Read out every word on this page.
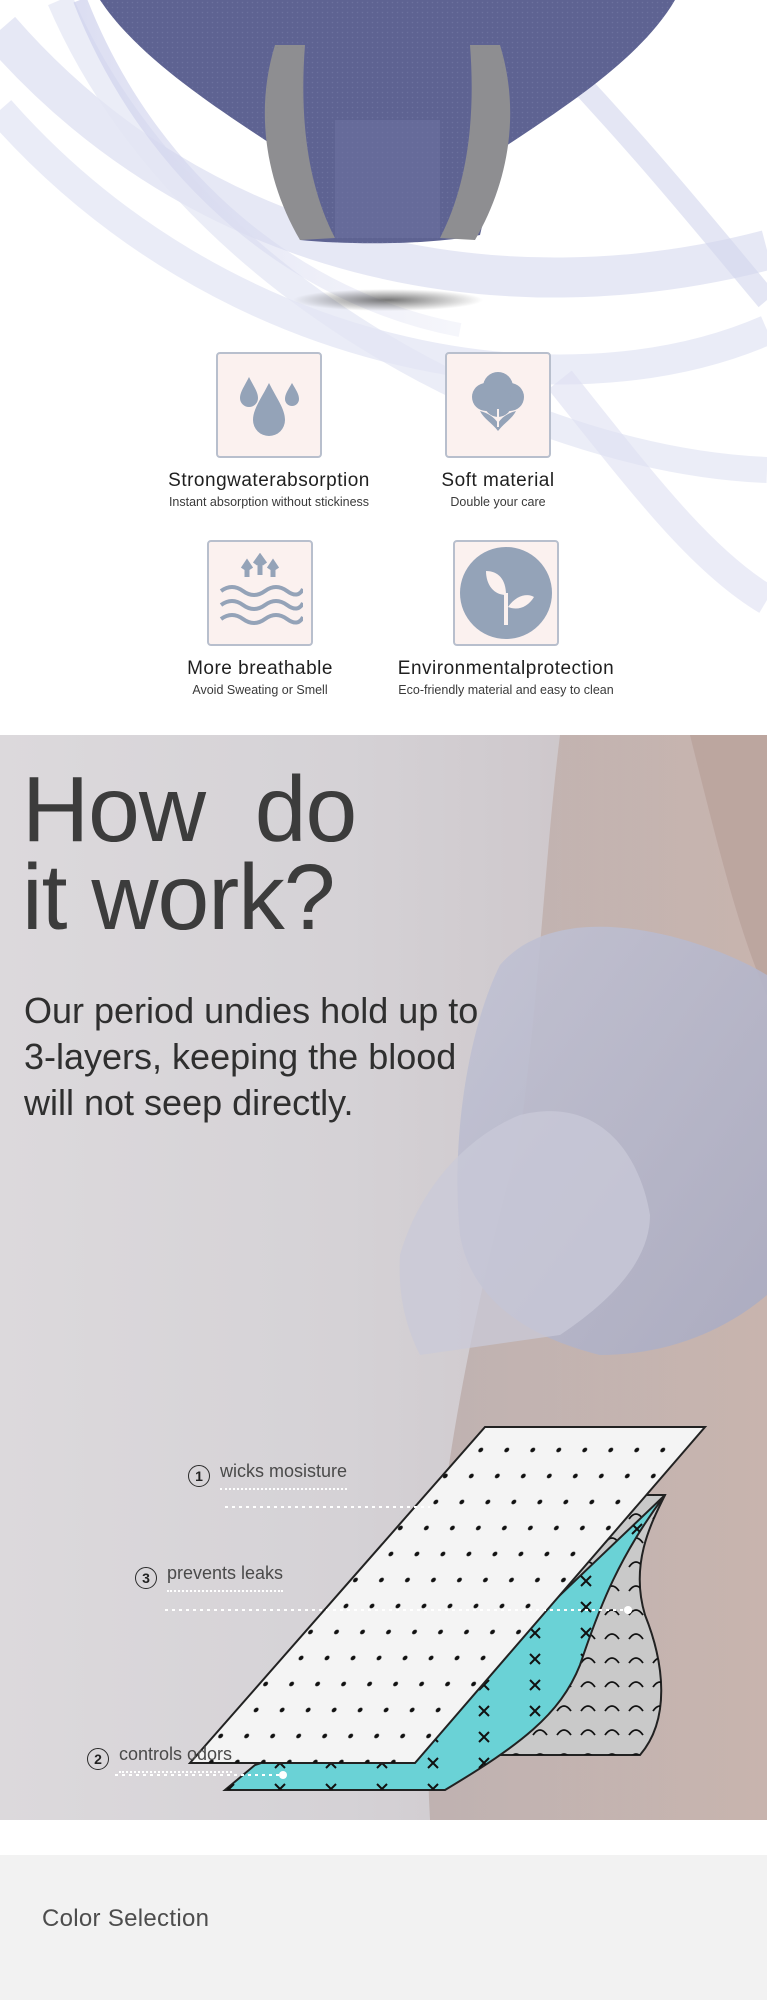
Strongwaterabsorption
Instant absorption without stickiness
Soft material
Double your care
More breathable
Avoid Sweating or Smell
Environmentalprotection
Eco-friendly material and easy to clean
How  do
it work?
Our period undies hold up to 3-layers, keeping the blood will not seep directly.
1 wicks mosisture
3 prevents leaks
2 controls odors
Color Selection
